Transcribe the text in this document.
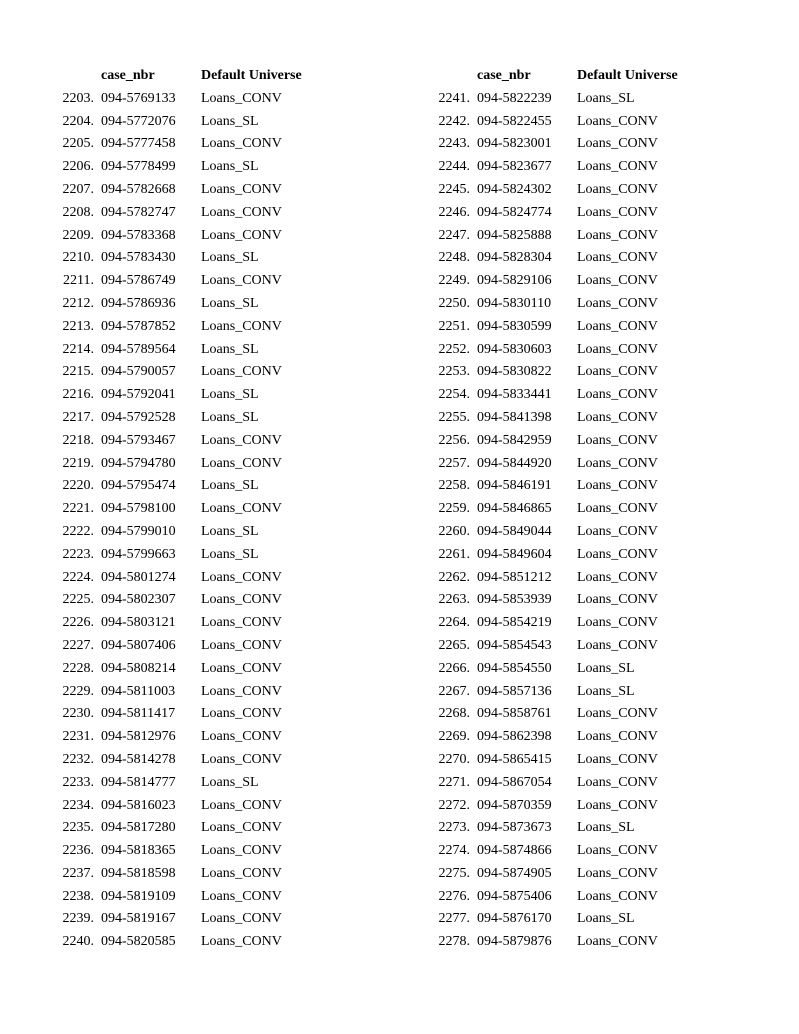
case_nbr	Default Universe
2203. 094-5769133 Loans_CONV
2204. 094-5772076 Loans_SL
2205. 094-5777458 Loans_CONV
2206. 094-5778499 Loans_SL
2207. 094-5782668 Loans_CONV
2208. 094-5782747 Loans_CONV
2209. 094-5783368 Loans_CONV
2210. 094-5783430 Loans_SL
2211. 094-5786749 Loans_CONV
2212. 094-5786936 Loans_SL
2213. 094-5787852 Loans_CONV
2214. 094-5789564 Loans_SL
2215. 094-5790057 Loans_CONV
2216. 094-5792041 Loans_SL
2217. 094-5792528 Loans_SL
2218. 094-5793467 Loans_CONV
2219. 094-5794780 Loans_CONV
2220. 094-5795474 Loans_SL
2221. 094-5798100 Loans_CONV
2222. 094-5799010 Loans_SL
2223. 094-5799663 Loans_SL
2224. 094-5801274 Loans_CONV
2225. 094-5802307 Loans_CONV
2226. 094-5803121 Loans_CONV
2227. 094-5807406 Loans_CONV
2228. 094-5808214 Loans_CONV
2229. 094-5811003 Loans_CONV
2230. 094-5811417 Loans_CONV
2231. 094-5812976 Loans_CONV
2232. 094-5814278 Loans_CONV
2233. 094-5814777 Loans_SL
2234. 094-5816023 Loans_CONV
2235. 094-5817280 Loans_CONV
2236. 094-5818365 Loans_CONV
2237. 094-5818598 Loans_CONV
2238. 094-5819109 Loans_CONV
2239. 094-5819167 Loans_CONV
2240. 094-5820585 Loans_CONV
case_nbr	Default Universe
2241. 094-5822239 Loans_SL
2242. 094-5822455 Loans_CONV
2243. 094-5823001 Loans_CONV
2244. 094-5823677 Loans_CONV
2245. 094-5824302 Loans_CONV
2246. 094-5824774 Loans_CONV
2247. 094-5825888 Loans_CONV
2248. 094-5828304 Loans_CONV
2249. 094-5829106 Loans_CONV
2250. 094-5830110 Loans_CONV
2251. 094-5830599 Loans_CONV
2252. 094-5830603 Loans_CONV
2253. 094-5830822 Loans_CONV
2254. 094-5833441 Loans_CONV
2255. 094-5841398 Loans_CONV
2256. 094-5842959 Loans_CONV
2257. 094-5844920 Loans_CONV
2258. 094-5846191 Loans_CONV
2259. 094-5846865 Loans_CONV
2260. 094-5849044 Loans_CONV
2261. 094-5849604 Loans_CONV
2262. 094-5851212 Loans_CONV
2263. 094-5853939 Loans_CONV
2264. 094-5854219 Loans_CONV
2265. 094-5854543 Loans_CONV
2266. 094-5854550 Loans_SL
2267. 094-5857136 Loans_SL
2268. 094-5858761 Loans_CONV
2269. 094-5862398 Loans_CONV
2270. 094-5865415 Loans_CONV
2271. 094-5867054 Loans_CONV
2272. 094-5870359 Loans_CONV
2273. 094-5873673 Loans_SL
2274. 094-5874866 Loans_CONV
2275. 094-5874905 Loans_CONV
2276. 094-5875406 Loans_CONV
2277. 094-5876170 Loans_SL
2278. 094-5879876 Loans_CONV
